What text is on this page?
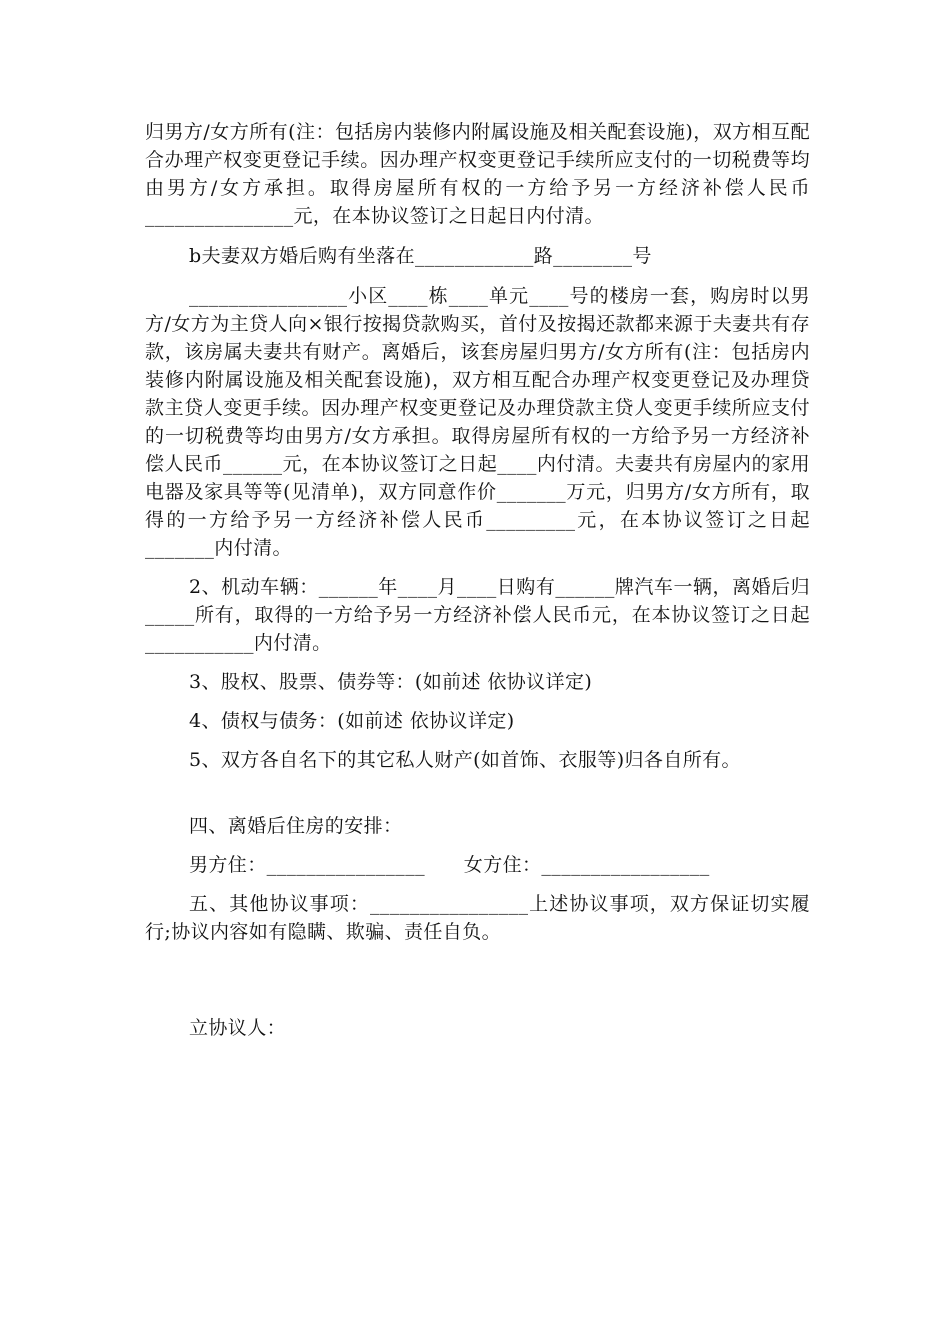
归男方/女方所有(注：包括房内装修内附属设施及相关配套设施)，双方相互配合办理产权变更登记手续。因办理产权变更登记手续所应支付的一切税费等均由男方/女方承担。取得房屋所有权的一方给予另一方经济补偿人民币_______________元，在本协议签订之日起日内付清。

b夫妻双方婚后购有坐落在____________路________号

________________小区____栋____单元____号的楼房一套，购房时以男方/女方为主贷人向×银行按揭贷款购买，首付及按揭还款都来源于夫妻共有存款，该房属夫妻共有财产。离婚后，该套房屋归男方/女方所有(注：包括房内装修内附属设施及相关配套设施)，双方相互配合办理产权变更登记及办理贷款主贷人变更手续。因办理产权变更登记及办理贷款主贷人变更手续所应支付的一切税费等均由男方/女方承担。取得房屋所有权的一方给予另一方经济补偿人民币______元，在本协议签订之日起____内付清。夫妻共有房屋内的家用电器及家具等等(见清单)，双方同意作价_______万元，归男方/女方所有，取得的一方给予另一方经济补偿人民币_________元，在本协议签订之日起_______内付清。

2、机动车辆：______年____月____日购有______牌汽车一辆，离婚后归_____所有，取得的一方给予另一方经济补偿人民币元，在本协议签订之日起___________内付清。

3、股权、股票、债券等：(如前述 依协议详定)

4、债权与债务：(如前述 依协议详定)

5、双方各自名下的其它私人财产(如首饰、衣服等)归各自所有。

四、离婚后住房的安排：

男方住：________________　　女方住：_________________

五、其他协议事项：________________上述协议事项，双方保证切实履行;协议内容如有隐瞒、欺骗、责任自负。

立协议人：
